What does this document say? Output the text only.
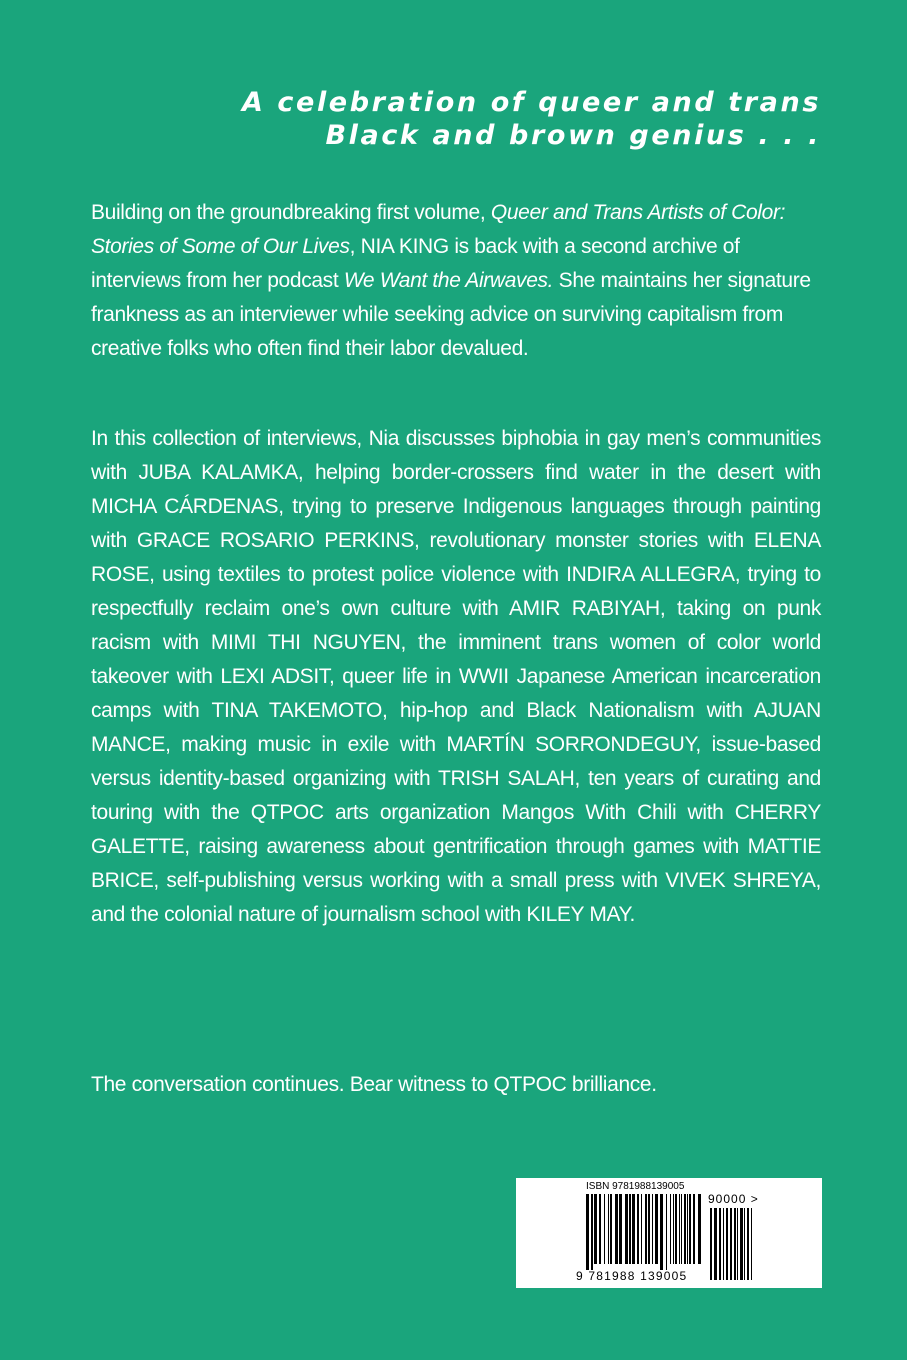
A celebration of queer and trans
Black and brown genius . . .

Building on the groundbreaking first volume, Queer and Trans Artists of Color: Stories of Some of Our Lives, NIA KING is back with a second archive of interviews from her podcast We Want the Airwaves. She maintains her signature frankness as an interviewer while seeking advice on surviving capitalism from creative folks who often find their labor devalued.

In this collection of interviews, Nia discusses biphobia in gay men’s communities with JUBA KALAMKA, helping border-crossers find water in the desert with MICHA CÁRDENAS, trying to preserve Indigenous languages through painting with GRACE ROSARIO PERKINS, revolutionary monster stories with ELENA ROSE, using textiles to protest police violence with INDIRA ALLEGRA, trying to respectfully reclaim one’s own culture with AMIR RABIYAH, taking on punk racism with MIMI THI NGUYEN, the imminent trans women of color world takeover with LEXI ADSIT, queer life in WWII Japanese American incarceration camps with TINA TAKEMOTO, hip-hop and Black Nationalism with AJUAN MANCE, making music in exile with MARTÍN SORRONDEGUY, issue-based versus identity-based organizing with TRISH SALAH, ten years of curating and touring with the QTPOC arts organization Mangos With Chili with CHERRY GALETTE, raising awareness about gentrification through games with MATTIE BRICE, self-publishing versus working with a small press with VIVEK SHREYA, and the colonial nature of journalism school with KILEY MAY.

The conversation continues. Bear witness to QTPOC brilliance.

ISBN 9781988139005
9 781988 139005
90000 >
